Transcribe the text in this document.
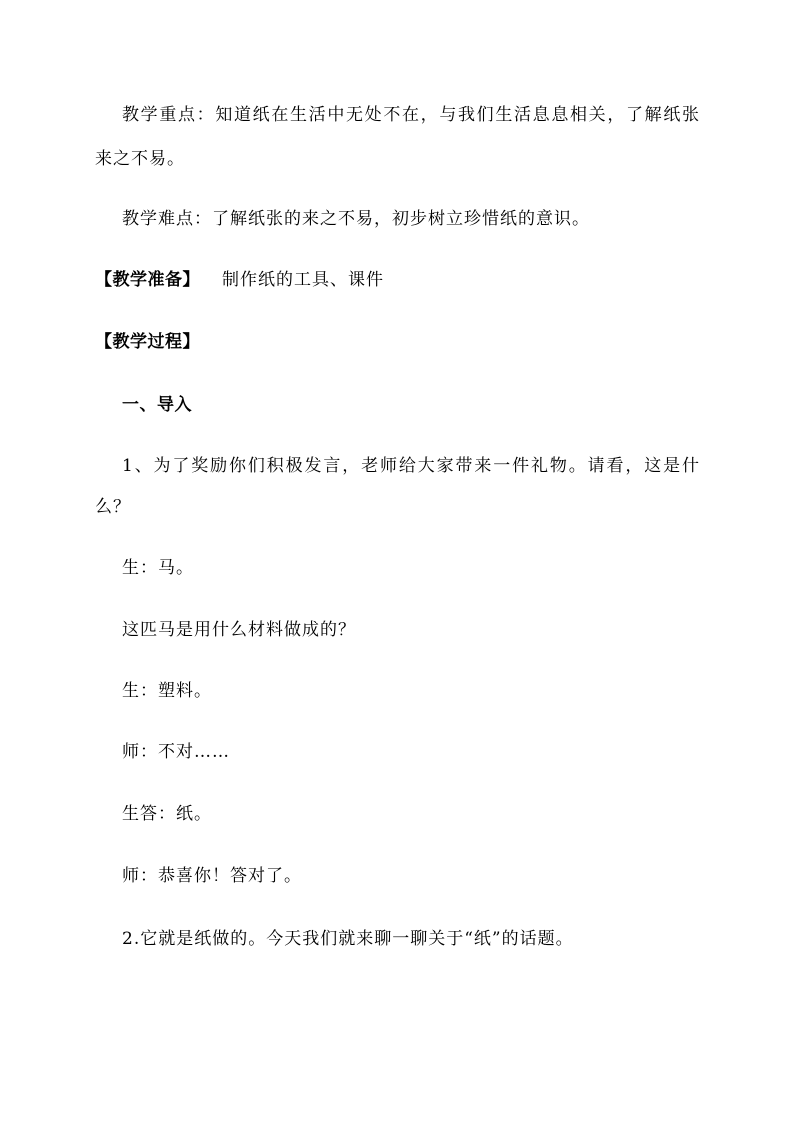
教学重点：知道纸在生活中无处不在，与我们生活息息相关，了解纸张
来之不易。
教学难点：了解纸张的来之不易，初步树立珍惜纸的意识。
【教学准备】 制作纸的工具、课件
【教学过程】
一、导入
1、为了奖励你们积极发言，老师给大家带来一件礼物。请看，这是什
么？
生：马。
这匹马是用什么材料做成的？
生：塑料。
师：不对……
生答：纸。
师：恭喜你！答对了。
2.它就是纸做的。今天我们就来聊一聊关于“纸”的话题。
